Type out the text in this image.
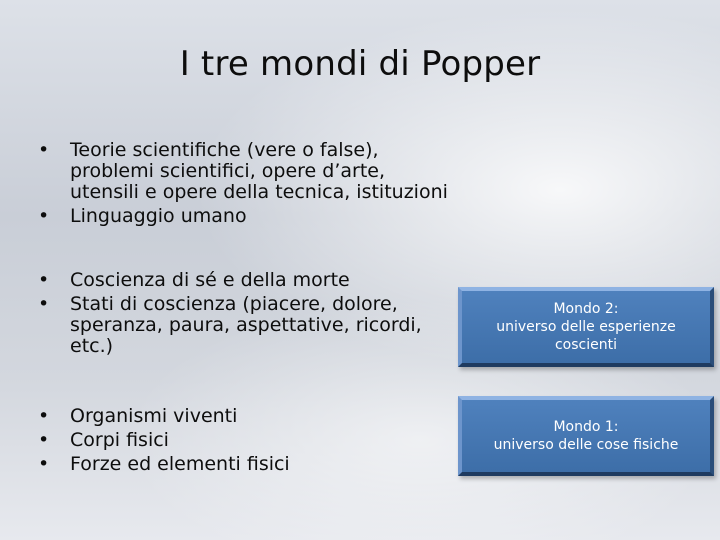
I tre mondi di Popper
•	Teorie scientifiche (vere o false),
problemi scientifici, opere d’arte,
utensili e opere della tecnica, istituzioni
•	Linguaggio umano
•	Coscienza di sé e della morte
•	Stati di coscienza (piacere, dolore,
speranza, paura, aspettative, ricordi,
etc.)
•	Organismi viventi
•	Corpi fisici
•	Forze ed elementi fisici
Mondo 2:
universo delle esperienze
coscienti
Mondo 1:
universo delle cose fisiche
